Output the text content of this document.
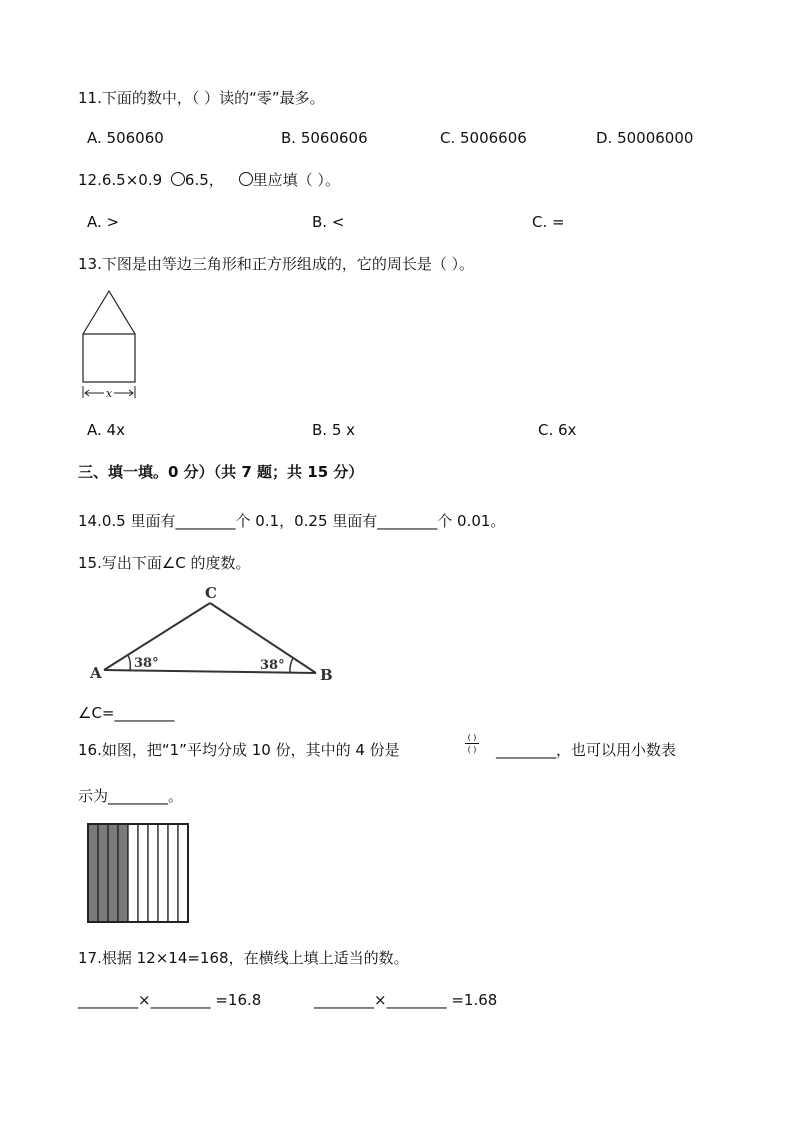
11.下面的数中，（ ）读的“零”最多。
A. 506060	B. 5060606	C. 5006606	D. 50006000
12.6.5×0.9 6.5， 里应填（ ）。
A. >	B. <	C. =
13.下图是由等边三角形和正方形组成的，它的周长是（ ）。
x
A. 4x	B. 5 x	C. 6x
三、填一填。0 分）（共 7 题；共 15 分）
14.0.5 里面有________个 0.1，0.25 里面有________个 0.01。
15.写出下面∠C 的度数。
C
A	B
38°	38°
∠C=________
16.如图，把“1”平均分成 10 份，其中的 4 份是
( )
( )	________，也可以用小数表
示为________。
17.根据 12×14=168，在横线上填上适当的数。
________×________ =16.8	________×________ =1.68
